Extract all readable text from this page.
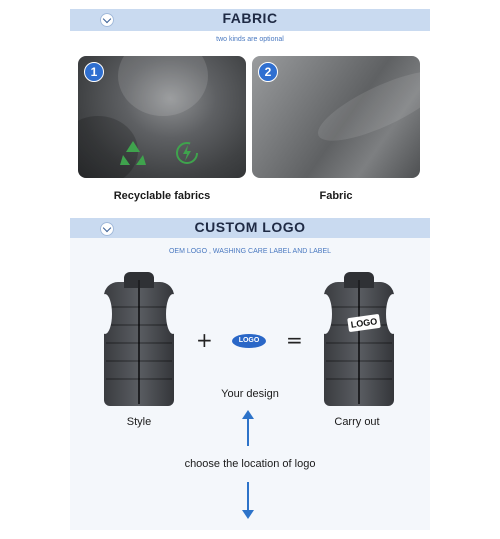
FABRIC
two kinds are optional
1	2
Recyclable fabrics	Fabric
CUSTOM LOGO
OEM LOGO , WASHING CARE LABEL AND LABEL
+	LOGO	=
LOGO
Style
Your design
Carry out
choose the location of logo
